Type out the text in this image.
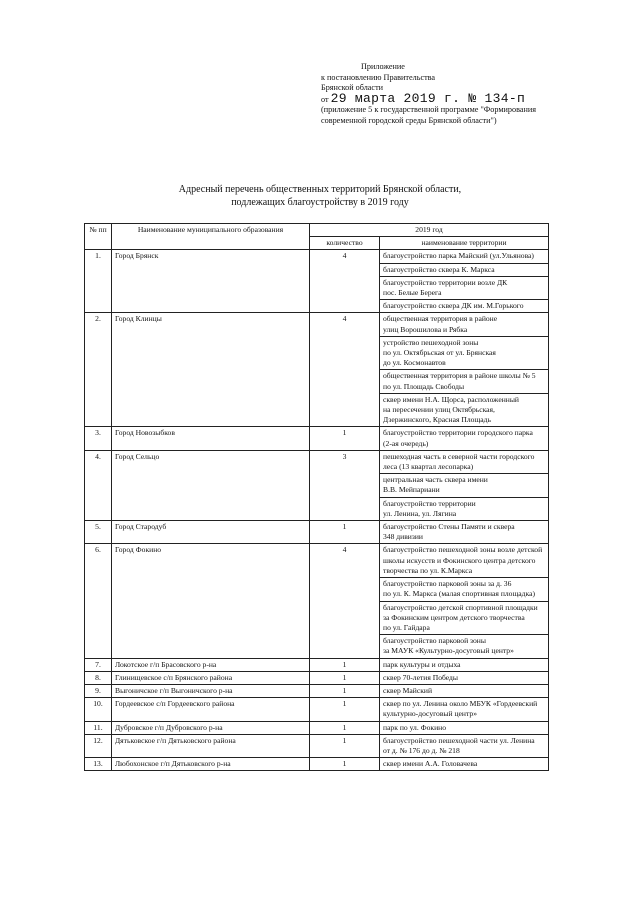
Приложение
к постановлению Правительства
Брянской области
от 29 марта 2019 г. № 134-п
(приложение 5 к государственной программе "Формирования
современной городской среды Брянской области")
Адресный перечень общественных территорий Брянской области,
подлежащих благоустройству в 2019 году
№ пп	Наименование муниципального образования	2019 год	
		количество	наименование территории
1.	Город Брянск	4	благоустройство парка Майский (ул.Ульянова)
			благоустройство сквера К. Маркса
			благоустройство территории возле ДК
пос. Белые Берега
			благоустройство сквера ДК им. М.Горького
2.	Город Клинцы	4	общественная территория в районе
улиц Ворошилова и Рябка
			устройство пешеходной зоны
по ул. Октябрьская от ул. Брянская
до ул. Космонавтов
			общественная территория в районе школы № 5
по ул. Площадь Свободы
			сквер имени Н.А. Щорса, расположенный
на пересечении улиц Октябрьская,
Дзержинского, Красная Площадь
3.	Город Новозыбков	1	благоустройство территории городского парка
(2-ая очередь)
4.	Город Сельцо	3	пешеходная часть в северной части городского
леса (13 квартал лесопарка)
			центральная часть сквера имени
В.В. Мейпариани

			благоустройство территории
ул. Ленина, ул. Лягина
5.	Город Стародуб	1	благоустройство Стены Памяти и сквера
348 дивизии
6.	Город Фокино	4	благоустройство пешеходной зоны возле детской
школы искусств и Фокинского центра детского
творчества по ул. К.Маркса
			благоустройство парковой зоны за д. 36
по ул. К. Маркса (малая спортивная площадка)

			благоустройство детской спортивной площадки
за Фокинским центром детского творчества
по ул. Гайдара
			благоустройство парковой зоны
за МАУК «Культурно-досуговый центр»
7.	Локотское г/п Брасовского р-на	1	парк культуры и отдыха

8.	Глинищевское с/п Брянского района	1	сквер 70-летия Победы
9.	Выгоничское г/п Выгоничского р-на	1	сквер Майский
10.	Гордеевское с/п Гордеевского района	1	сквер по ул. Ленина около МБУК «Гордеевский
культурно-досуговый центр»
11.	Дубровское г/п Дубровского р-на	1	парк по ул. Фокино
12.	Дятьковское г/п Дятьковского района	1	благоустройство пешеходной части ул. Ленина
от д. № 176 до д. № 218
13.	Любохонское г/п Дятьковского р-на	1	сквер имени А.А. Головачева
